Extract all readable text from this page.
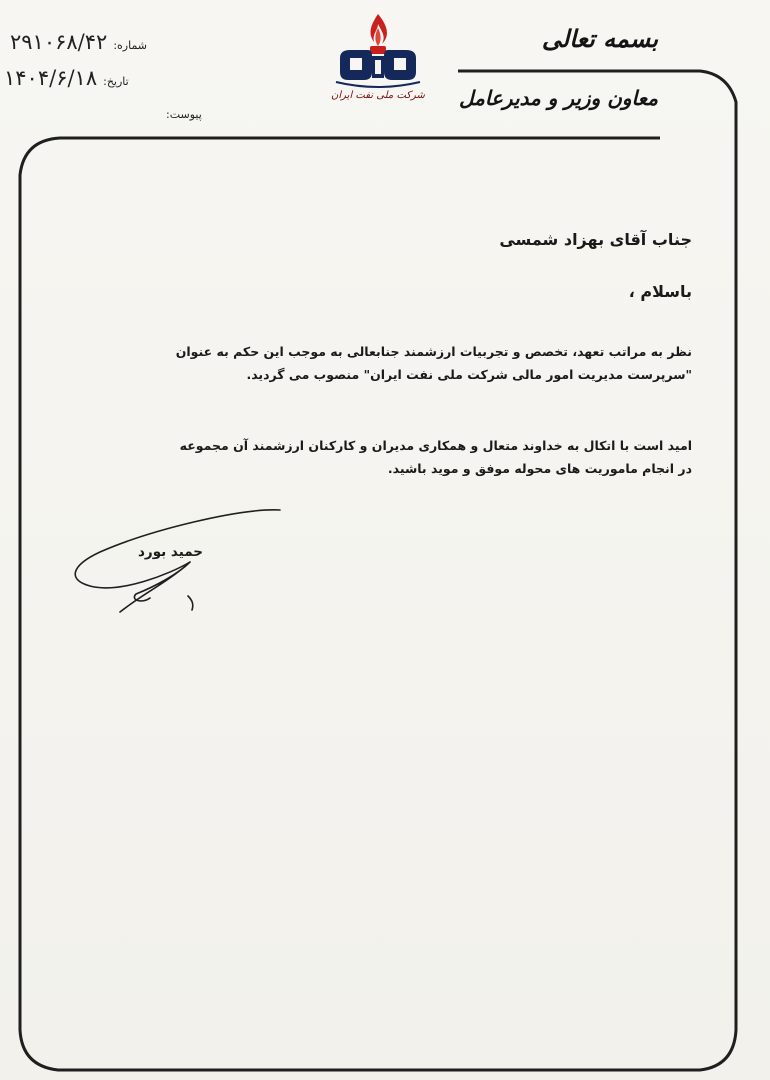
شماره:
۲۹۱۰۶۸/۴۲
تاریخ:
۱۴۰۴/۶/۱۸
پیوست:
شرکت ملی نفت ایران
بسمه تعالی
معاون وزیر و مدیرعامل
جناب آقای بهزاد شمسی
باسلام ،
نظر به مراتب تعهد، تخصص و تجربیات ارزشمند جنابعالی به موجب این حکم به عنوان
"سرپرست مدیریت امور مالی شرکت ملی نفت ایران" منصوب می گردید.
امید است با اتکال به خداوند متعال و همکاری مدیران و کارکنان ارزشمند آن مجموعه
در انجام ماموریت های محوله موفق و موید باشید.
حمید بورد
